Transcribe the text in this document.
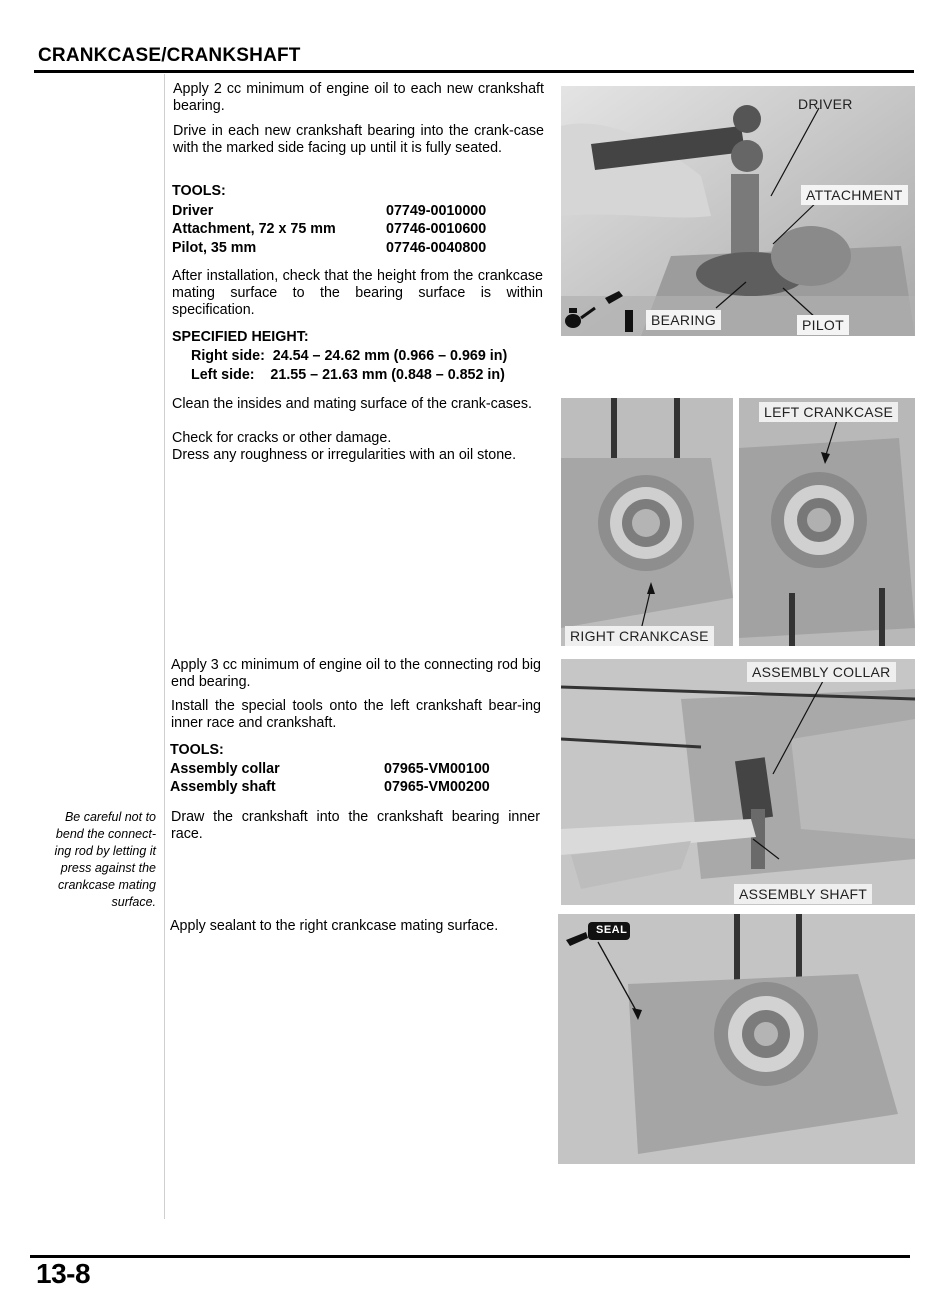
CRANKCASE/CRANKSHAFT
Apply 2 cc minimum of engine oil to each new crankshaft bearing.
Drive in each new crankshaft bearing into the crank-case with the marked side facing up until it is fully seated.
TOOLS:
Driver	07749-0010000
Attachment, 72 x 75 mm	07746-0010600
Pilot, 35 mm	07746-0040800
After installation, check that the height from the crankcase mating surface to the bearing surface is within specification.
SPECIFIED HEIGHT:
Right side:  24.54 – 24.62 mm (0.966 – 0.969 in)
Left side:    21.55 – 21.63 mm (0.848 – 0.852 in)
Clean the insides and mating surface of the crank-cases.
Check for cracks or other damage.
Dress any roughness or irregularities with an oil stone.
Apply 3 cc minimum of engine oil to the connecting rod big end bearing.
Install the special tools onto the left crankshaft bear-ing inner race and crankshaft.
TOOLS:
Assembly collar	07965-VM00100
Assembly shaft	07965-VM00200
Draw the crankshaft into the crankshaft bearing inner race.
Be careful not to bend the connect-ing rod by letting it press against the crankcase mating surface.
Apply sealant to the right crankcase mating surface.
DRIVER
ATTACHMENT
BEARING	PILOT
RIGHT CRANKCASE
LEFT CRANKCASE
ASSEMBLY COLLAR
ASSEMBLY SHAFT
SEAL
13-8
